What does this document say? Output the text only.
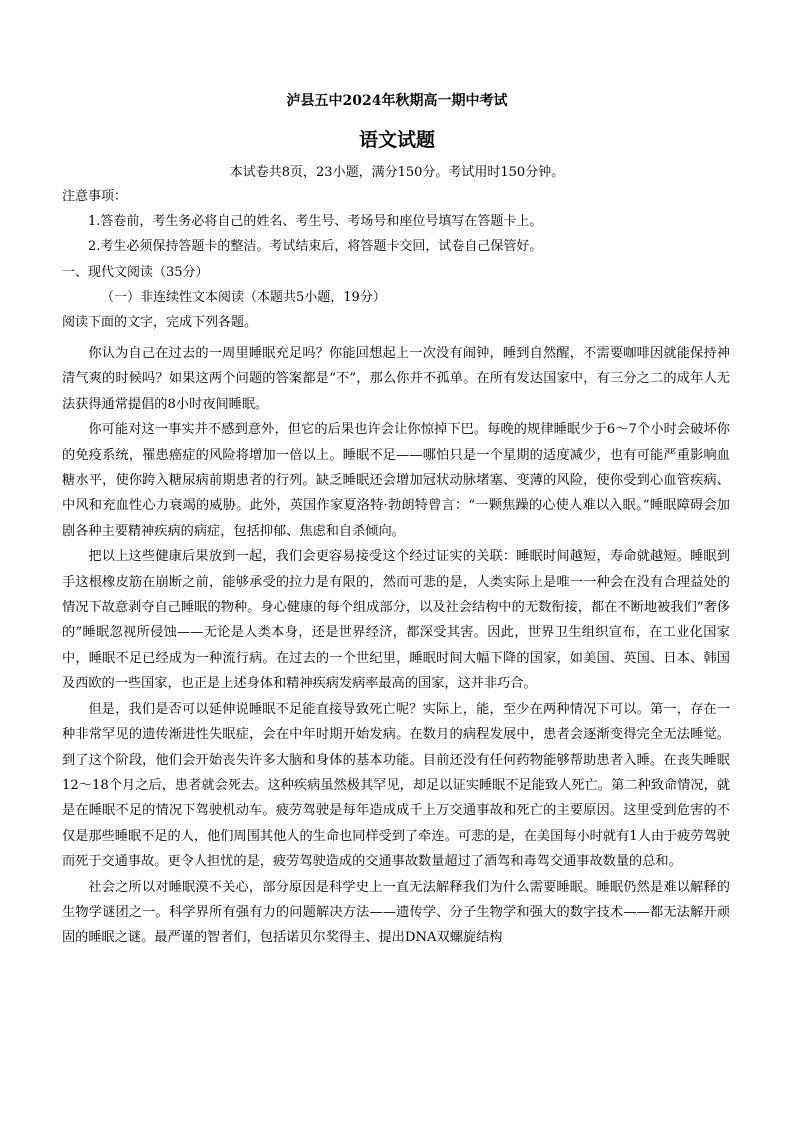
泸县五中2024年秋期高一期中考试
语文试题
本试卷共8页，23小题，满分150分。考试用时150分钟。
注意事项：
1.答卷前，考生务必将自己的姓名、考生号、考场号和座位号填写在答题卡上。
2.考生必须保持答题卡的整洁。考试结束后，将答题卡交回，试卷自己保管好。
一、现代文阅读（35分）
（一）非连续性文本阅读（本题共5小题，19分）
阅读下面的文字，完成下列各题。

你认为自己在过去的一周里睡眠充足吗？你能回想起上一次没有闹钟，睡到自然醒，不需要咖啡因就能保持神清气爽的时候吗？如果这两个问题的答案都是“不”，那么你并不孤单。在所有发达国家中，有三分之二的成年人无法获得通常提倡的8小时夜间睡眠。

你可能对这一事实并不感到意外，但它的后果也许会让你惊掉下巴。每晚的规律睡眠少于6～7个小时会破坏你的免疫系统，罹患癌症的风险将增加一倍以上。睡眠不足——哪怕只是一个星期的适度减少，也有可能严重影响血糖水平，使你跨入糖尿病前期患者的行列。缺乏睡眠还会增加冠状动脉堵塞、变薄的风险，使你受到心血管疾病、中风和充血性心力衰竭的威胁。此外，英国作家夏洛特·勃朗特曾言：“一颗焦躁的心使人难以入眠。”睡眠障碍会加剧各种主要精神疾病的病症，包括抑郁、焦虑和自杀倾向。

把以上这些健康后果放到一起，我们会更容易接受这个经过证实的关联：睡眠时间越短，寿命就越短。睡眠到手这根橡皮筋在崩断之前，能够承受的拉力是有限的，然而可悲的是，人类实际上是唯一一种会在没有合理益处的情况下故意剥夺自己睡眠的物种。身心健康的每个组成部分，以及社会结构中的无数衔接，都在不断地被我们“奢侈的”睡眠忽视所侵蚀——无论是人类本身，还是世界经济，都深受其害。因此，世界卫生组织宣布，在工业化国家中，睡眠不足已经成为一种流行病。在过去的一个世纪里，睡眠时间大幅下降的国家，如美国、英国、日本、韩国及西欧的一些国家，也正是上述身体和精神疾病发病率最高的国家，这并非巧合。

但是，我们是否可以延伸说睡眠不足能直接导致死亡呢？实际上，能，至少在两种情况下可以。第一，存在一种非常罕见的遗传渐进性失眠症，会在中年时期开始发病。在数月的病程发展中，患者会逐渐变得完全无法睡觉。到了这个阶段，他们会开始丧失许多大脑和身体的基本功能。目前还没有任何药物能够帮助患者入睡。在丧失睡眠12～18个月之后，患者就会死去。这种疾病虽然极其罕见，却足以证实睡眠不足能致人死亡。第二种致命情况，就是在睡眠不足的情况下驾驶机动车。疲劳驾驶是每年造成成千上万交通事故和死亡的主要原因。这里受到危害的不仅是那些睡眠不足的人，他们周围其他人的生命也同样受到了牵连。可悲的是，在美国每小时就有1人由于疲劳驾驶而死于交通事故。更令人担忧的是，疲劳驾驶造成的交通事故数量超过了酒驾和毒驾交通事故数量的总和。

社会之所以对睡眠漠不关心，部分原因是科学史上一直无法解释我们为什么需要睡眠。睡眠仍然是难以解释的生物学谜团之一。科学界所有强有力的问题解决方法——遗传学、分子生物学和强大的数字技术——都无法解开顽固的睡眠之谜。最严谨的智者们，包括诺贝尔奖得主、提出DNA双螺旋结构
